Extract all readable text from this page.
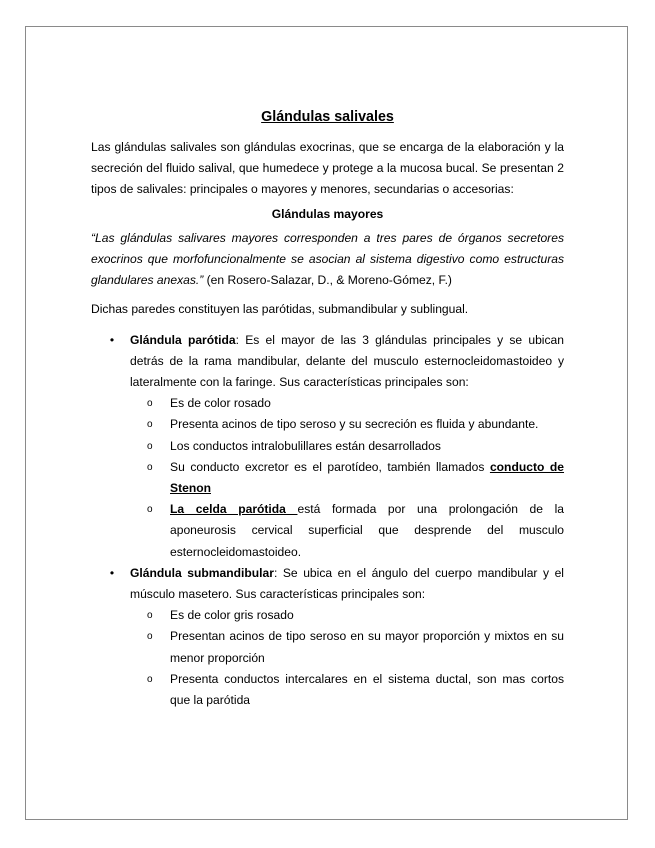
Glándulas salivales

Las glándulas salivales son glándulas exocrinas, que se encarga de la elaboración y la secreción del fluido salival, que humedece y protege a la mucosa bucal. Se presentan 2 tipos de salivales: principales o mayores y menores, secundarias o accesorias:

Glándulas mayores

“Las glándulas salivares mayores corresponden a tres pares de órganos secretores exocrinos que morfofuncionalmente se asocian al sistema digestivo como estructuras glandulares anexas.” (en Rosero-Salazar, D., & Moreno-Gómez, F.)

Dichas paredes constituyen las parótidas, submandibular y sublingual.

• Glándula parótida: Es el mayor de las 3 glándulas principales y se ubican detrás de la rama mandibular, delante del musculo esternocleidomastoideo y lateralmente con la faringe. Sus características principales son:

o Es de color rosado
o Presenta acinos de tipo seroso y su secreción es fluida y abundante.
o Los conductos intralobulillares están desarrollados
o Su conducto excretor es el parotídeo, también llamados conducto de Stenon
o La celda parótida está formada por una prolongación de la aponeurosis cervical superficial que desprende del musculo esternocleidomastoideo.
• Glándula submandibular: Se ubica en el ángulo del cuerpo mandibular y el músculo masetero. Sus características principales son:

o Es de color gris rosado
o Presentan acinos de tipo seroso en su mayor proporción y mixtos en su menor proporción
o Presenta conductos intercalares en el sistema ductal, son mas cortos que la parótida
